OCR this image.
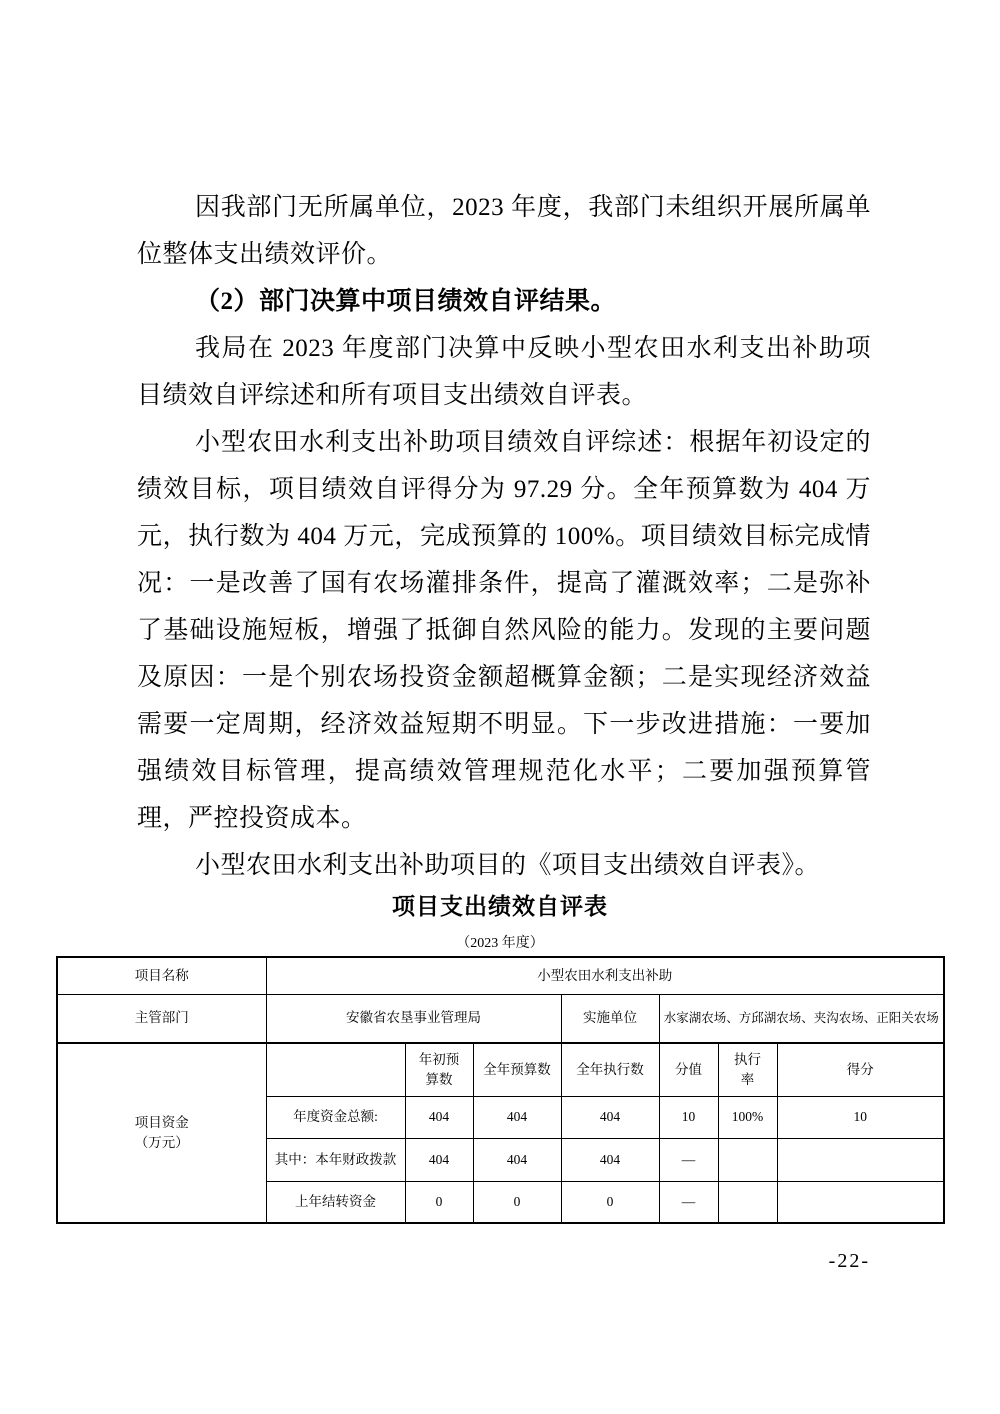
因我部门无所属单位，2023 年度，我部门未组织开展所属单位整体支出绩效评价。

（2）部门决算中项目绩效自评结果。

我局在 2023 年度部门决算中反映小型农田水利支出补助项目绩效自评综述和所有项目支出绩效自评表。

小型农田水利支出补助项目绩效自评综述：根据年初设定的绩效目标，项目绩效自评得分为 97.29 分。全年预算数为 404 万元，执行数为 404 万元，完成预算的 100%。项目绩效目标完成情况：一是改善了国有农场灌排条件，提高了灌溉效率；二是弥补了基础设施短板，增强了抵御自然风险的能力。发现的主要问题及原因：一是个别农场投资金额超概算金额；二是实现经济效益需要一定周期，经济效益短期不明显。下一步改进措施：一要加强绩效目标管理，提高绩效管理规范化水平；二要加强预算管理，严控投资成本。

小型农田水利支出补助项目的《项目支出绩效自评表》。

项目支出绩效自评表
（2023 年度）
项目名称	小型农田水利支出补助						
主管部门	安徽省农垦事业管理局			实施单位	水家湖农场、方邱湖农场、夹沟农场、正阳关农场		

项目资金
（万元）		年初预算数	全年预算数	全年执行数	分值	执行率	得分
	年度资金总额:	404	404	404	10	100%	10
	其中：本年财政拨款	404	404	404	—		
	上年结转资金	0	0	0	—		
-22-
